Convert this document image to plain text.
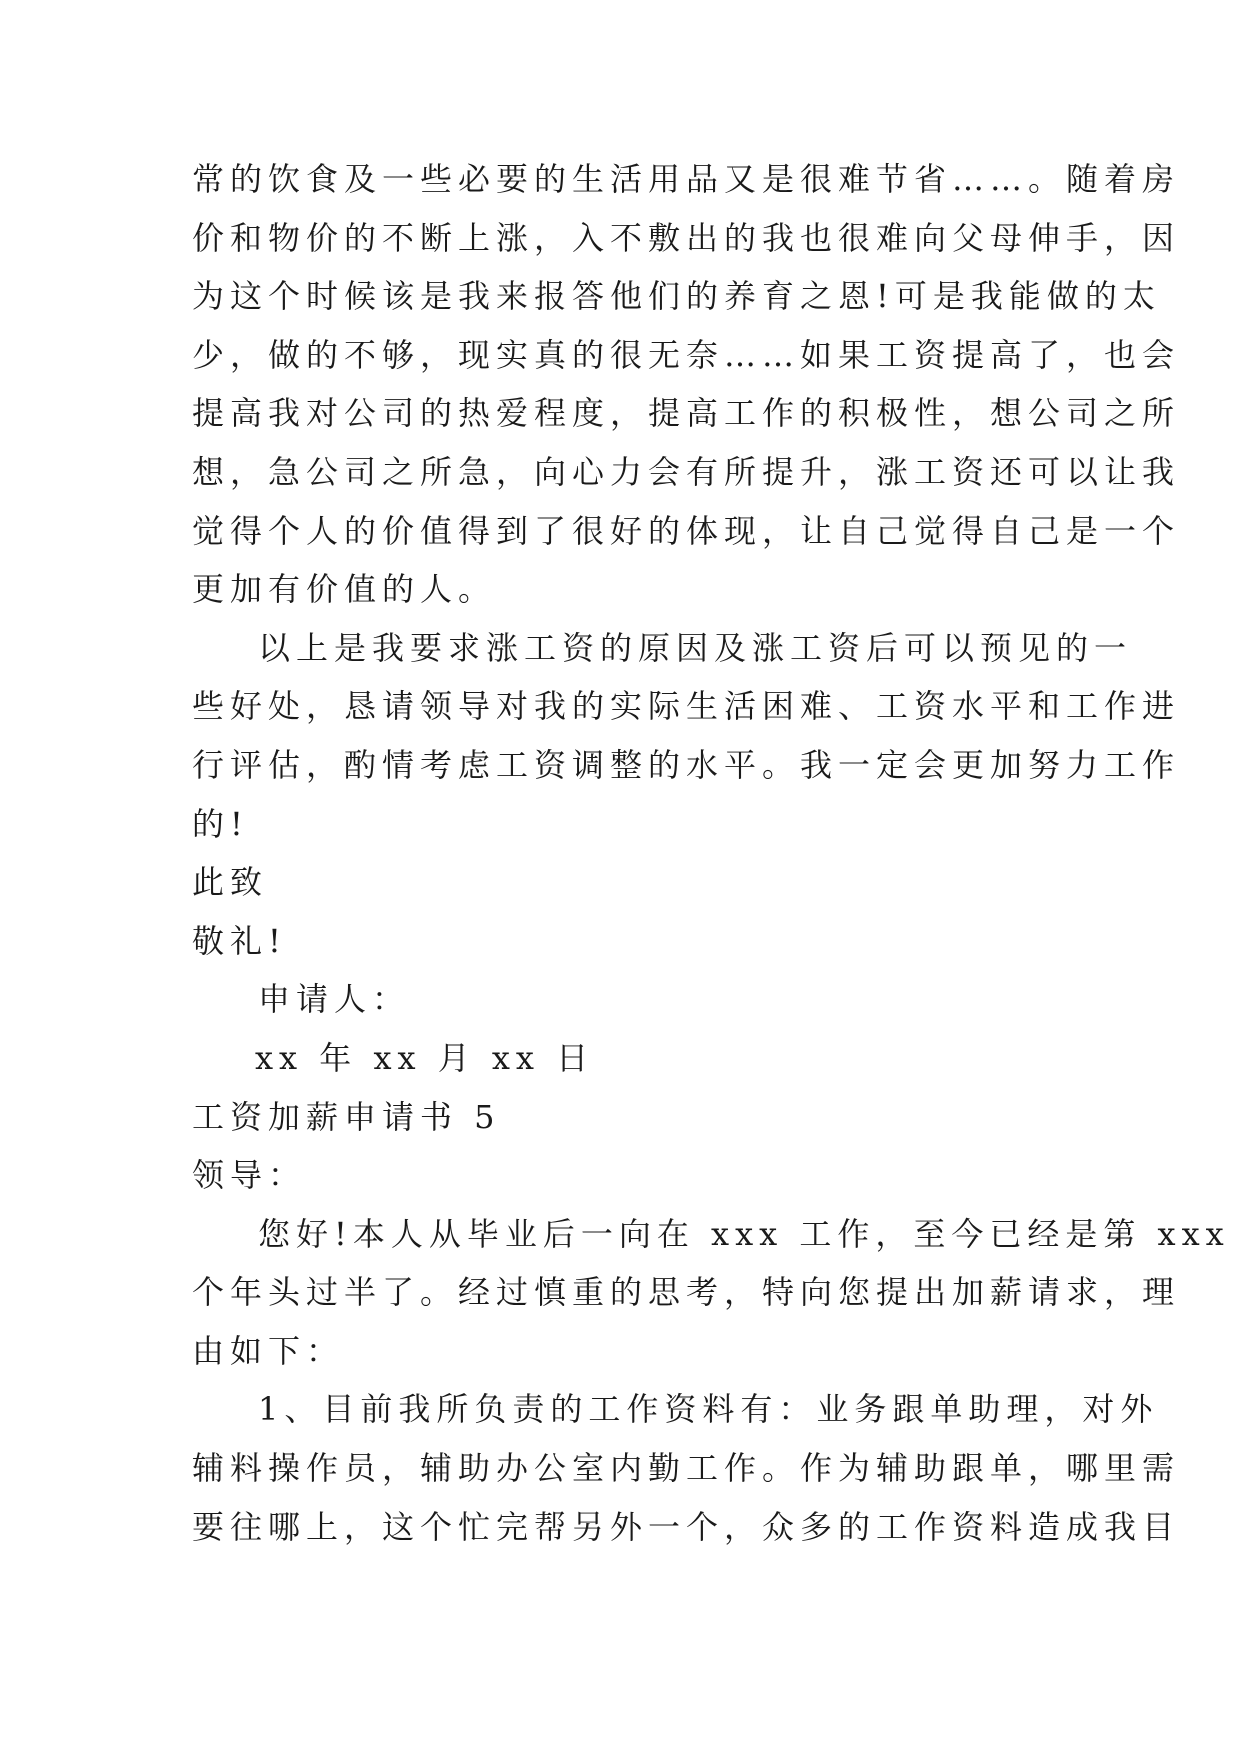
常的饮食及一些必要的生活用品又是很难节省……。随着房
价和物价的不断上涨，入不敷出的我也很难向父母伸手，因
为这个时候该是我来报答他们的养育之恩!可是我能做的太
少，做的不够，现实真的很无奈……如果工资提高了，也会
提高我对公司的热爱程度，提高工作的积极性，想公司之所
想，急公司之所急，向心力会有所提升，涨工资还可以让我
觉得个人的价值得到了很好的体现，让自己觉得自己是一个
更加有价值的人。
以上是我要求涨工资的原因及涨工资后可以预见的一
些好处，恳请领导对我的实际生活困难、工资水平和工作进
行评估，酌情考虑工资调整的水平。我一定会更加努力工作
的!
此致
敬礼!
申请人：
xx 年 xx 月 xx 日
工资加薪申请书 5
领导：
您好!本人从毕业后一向在 xxx 工作，至今已经是第 xxx
个年头过半了。经过慎重的思考，特向您提出加薪请求，理
由如下：
1、目前我所负责的工作资料有：业务跟单助理，对外
辅料操作员，辅助办公室内勤工作。作为辅助跟单，哪里需
要往哪上，这个忙完帮另外一个，众多的工作资料造成我目
